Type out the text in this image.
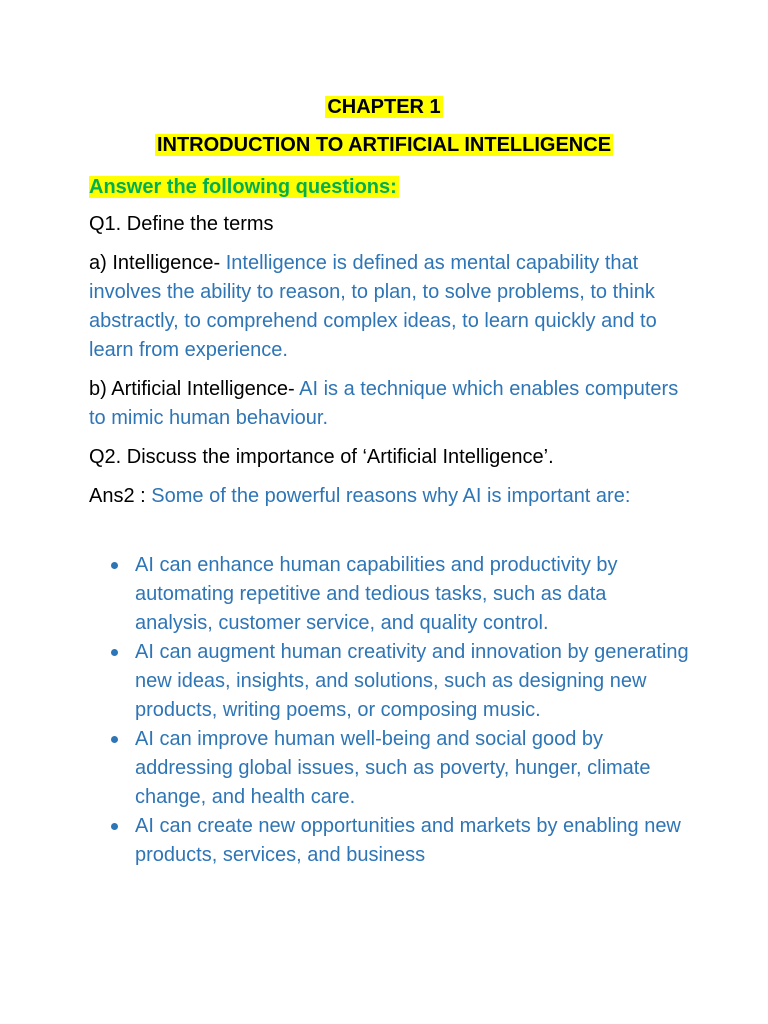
CHAPTER 1
INTRODUCTION TO ARTIFICIAL INTELLIGENCE
Answer the following questions:
Q1. Define the terms
a) Intelligence- Intelligence is defined as mental capability that involves the ability to reason, to plan, to solve problems, to think abstractly, to comprehend complex ideas, to learn quickly and to learn from experience.
b) Artificial Intelligence- AI is a technique which enables computers to mimic human behaviour.
Q2. Discuss the importance of ‘Artificial Intelligence’.
Ans2 : Some of the powerful reasons why AI is important are:
AI can enhance human capabilities and productivity by automating repetitive and tedious tasks, such as data analysis, customer service, and quality control.
AI can augment human creativity and innovation by generating new ideas, insights, and solutions, such as designing new products, writing poems, or composing music.
AI can improve human well-being and social good by addressing global issues, such as poverty, hunger, climate change, and health care.
AI can create new opportunities and markets by enabling new products, services, and business
